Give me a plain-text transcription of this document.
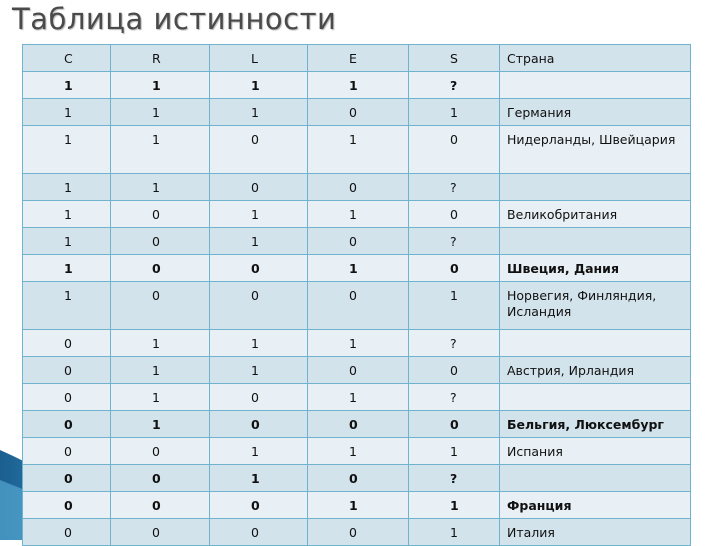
Таблица истинности
C	R	L	E	S	Страна
1	1	1	1	?	
1	1	1	0	1	Германия
1	1	0	1	0	Нидерланды, Швейцария
1	1	0	0	?	
1	0	1	1	0	Великобритания
1	0	1	0	?	
1	0	0	1	0	Швеция, Дания
1	0	0	0	1	Норвегия, Финляндия, Исландия
0	1	1	1	?	
0	1	1	0	0	Австрия, Ирландия
0	1	0	1	?	
0	1	0	0	0	Бельгия, Люксембург
0	0	1	1	1	Испания
0	0	1	0	?	
0	0	0	1	1	Франция
0	0	0	0	1	Италия
